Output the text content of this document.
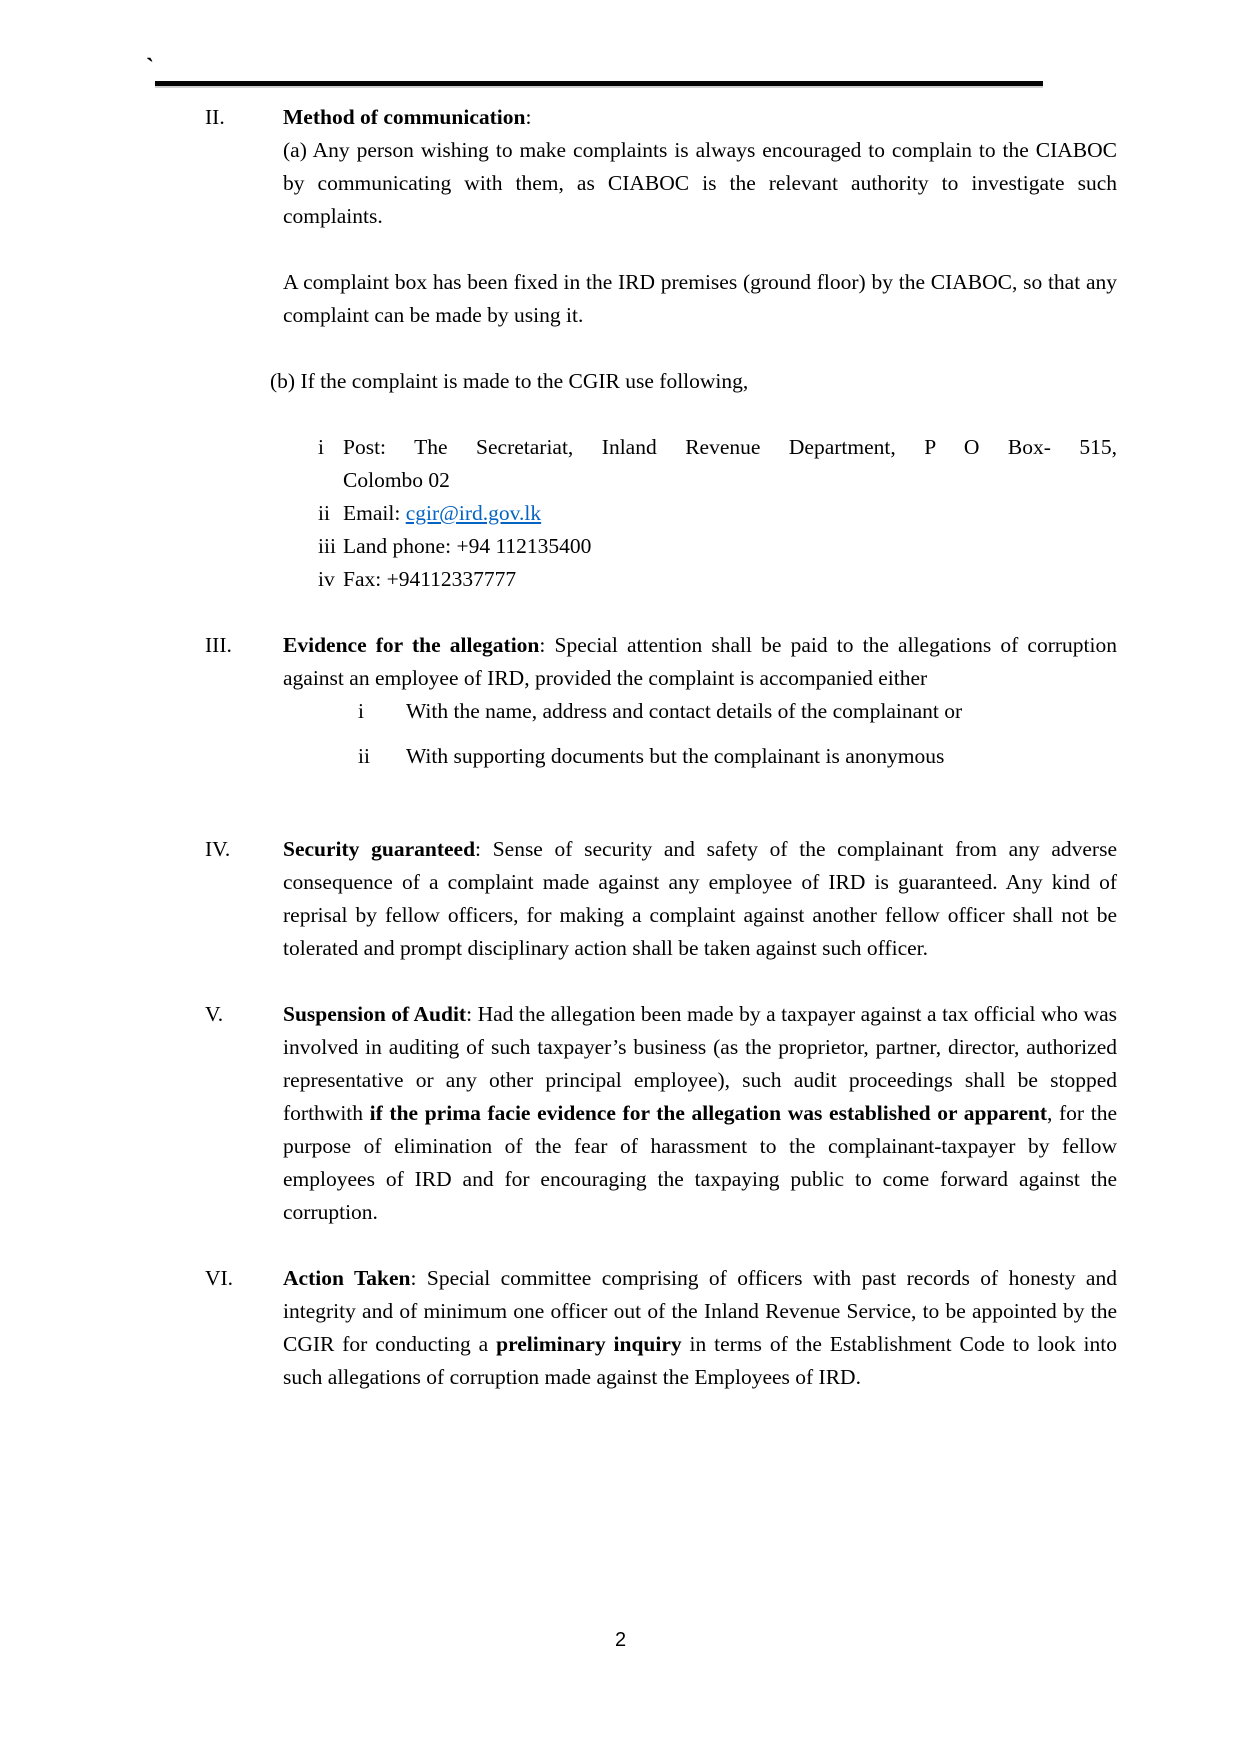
`
II.	Method of communication:

(a) Any person wishing to make complaints is always encouraged to complain to the CIABOC by communicating with them, as CIABOC is the relevant authority to investigate such complaints.

A complaint box has been fixed in the IRD premises (ground floor) by the CIABOC, so that any complaint can be made by using it.

(b) If the complaint is made to the CGIR use following,

i Post: The Secretariat, Inland Revenue Department, P O Box- 515,
Colombo 02
ii Email: cgir@ird.gov.lk
iii Land phone: +94 112135400
iv Fax: +94112337777
III.	Evidence for the allegation: Special attention shall be paid to the allegations of corruption against an employee of IRD, provided the complaint is accompanied either

i	With the name, address and contact details of the complainant or
ii	With supporting documents but the complainant is anonymous
IV.	Security guaranteed: Sense of security and safety of the complainant from any adverse consequence of a complaint made against any employee of IRD is guaranteed. Any kind of reprisal by fellow officers, for making a complaint against another fellow officer shall not be tolerated and prompt disciplinary action shall be taken against such officer.

V.	Suspension of Audit: Had the allegation been made by a taxpayer against a tax official who was involved in auditing of such taxpayer’s business (as the proprietor, partner, director, authorized representative or any other principal employee), such audit proceedings shall be stopped forthwith if the prima facie evidence for the allegation was established or apparent, for the purpose of elimination of the fear of harassment to the complainant-taxpayer by fellow employees of IRD and for encouraging the taxpaying public to come forward against the corruption.

VI.	Action Taken: Special committee comprising of officers with past records of honesty and integrity and of minimum one officer out of the Inland Revenue Service, to be appointed by the CGIR for conducting a preliminary inquiry in terms of the Establishment Code to look into such allegations of corruption made against the Employees of IRD.

2
